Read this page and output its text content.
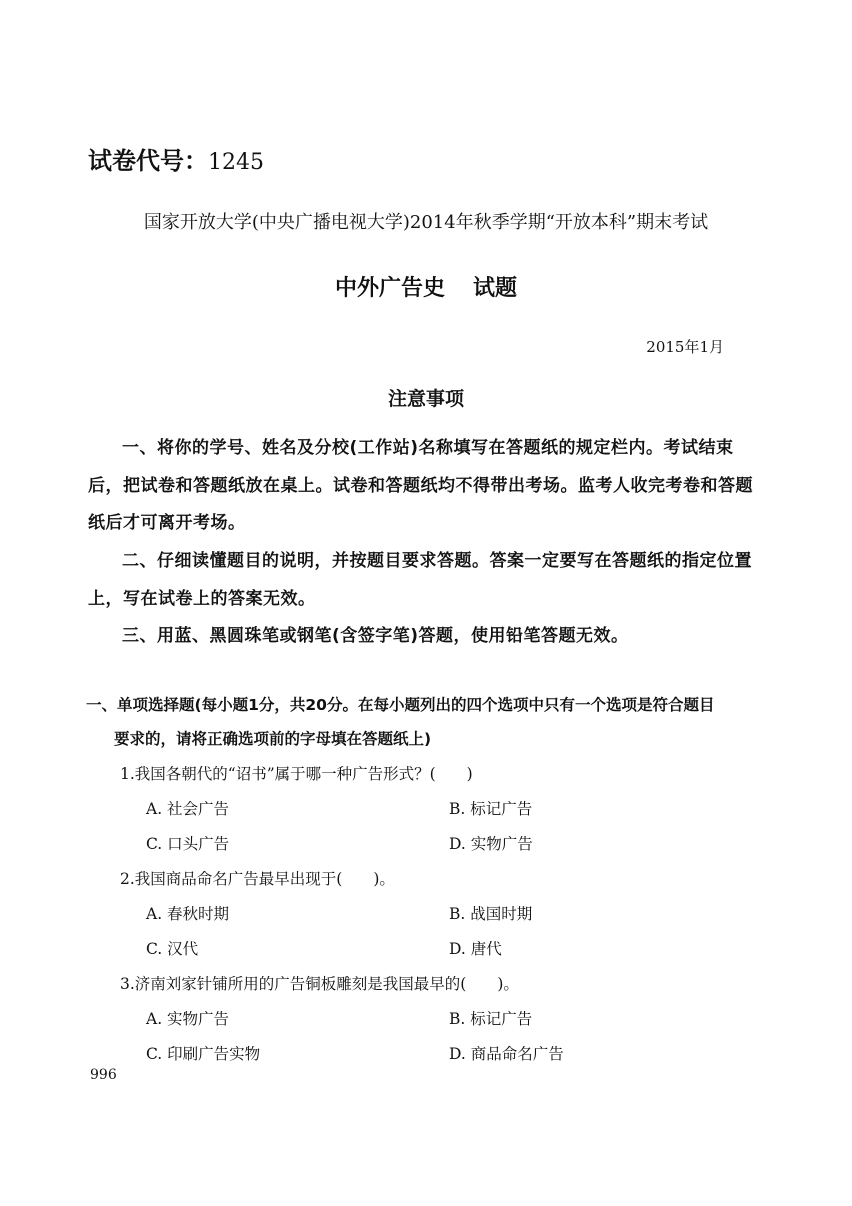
试卷代号：1245
国家开放大学(中央广播电视大学)2014年秋季学期“开放本科”期末考试
中外广告史 试题
2015年1月
注意事项
一、将你的学号、姓名及分校(工作站)名称填写在答题纸的规定栏内。考试结束后，把试卷和答题纸放在桌上。试卷和答题纸均不得带出考场。监考人收完考卷和答题纸后才可离开考场。
二、仔细读懂题目的说明，并按题目要求答题。答案一定要写在答题纸的指定位置上，写在试卷上的答案无效。
三、用蓝、黑圆珠笔或钢笔(含签字笔)答题，使用铅笔答题无效。
一、单项选择题(每小题1分，共20分。在每小题列出的四个选项中只有一个选项是符合题目
要求的，请将正确选项前的字母填在答题纸上)
1.我国各朝代的“诏书”属于哪一种广告形式？(　　)
A. 社会广告	B. 标记广告
C. 口头广告	D. 实物广告
2.我国商品命名广告最早出现于(　　)。
A. 春秋时期	B. 战国时期
C. 汉代	D. 唐代
3.济南刘家针铺所用的广告铜板雕刻是我国最早的(　　)。
A. 实物广告	B. 标记广告
C. 印刷广告实物	D. 商品命名广告
996
